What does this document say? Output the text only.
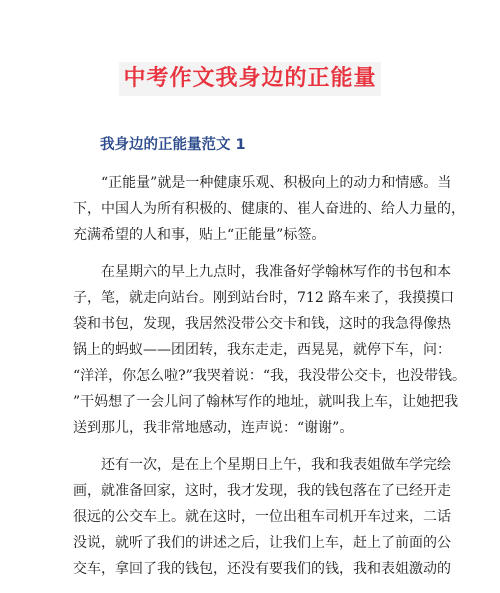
中考作文我身边的正能量
我身边的正能量范文 1
“正能量”就是一种健康乐观、积极向上的动力和情感。当
下，中国人为所有积极的、健康的、崔人奋进的、给人力量的，
充满希望的人和事，贴上“正能量”标签。
在星期六的早上九点时，我准备好学翰林写作的书包和本
子，笔，就走向站台。刚到站台时，712 路车来了，我摸摸口
袋和书包，发现，我居然没带公交卡和钱，这时的我急得像热
锅上的蚂蚁——团团转，我东走走，西晃晃，就停下车，问：
“洋洋，你怎么啦?”我哭着说：“我，我没带公交卡，也没带钱。
”干妈想了一会儿问了翰林写作的地址，就叫我上车，让她把我
送到那儿，我非常地感动，连声说：“谢谢”。
还有一次，是在上个星期日上午，我和我表姐做车学完绘
画，就准备回家，这时，我才发现，我的钱包落在了已经开走
很远的公交车上。就在这时，一位出租车司机开车过来，二话
没说，就听了我们的讲述之后，让我们上车，赶上了前面的公
交车，拿回了我的钱包，还没有要我们的钱，我和表姐激动的
